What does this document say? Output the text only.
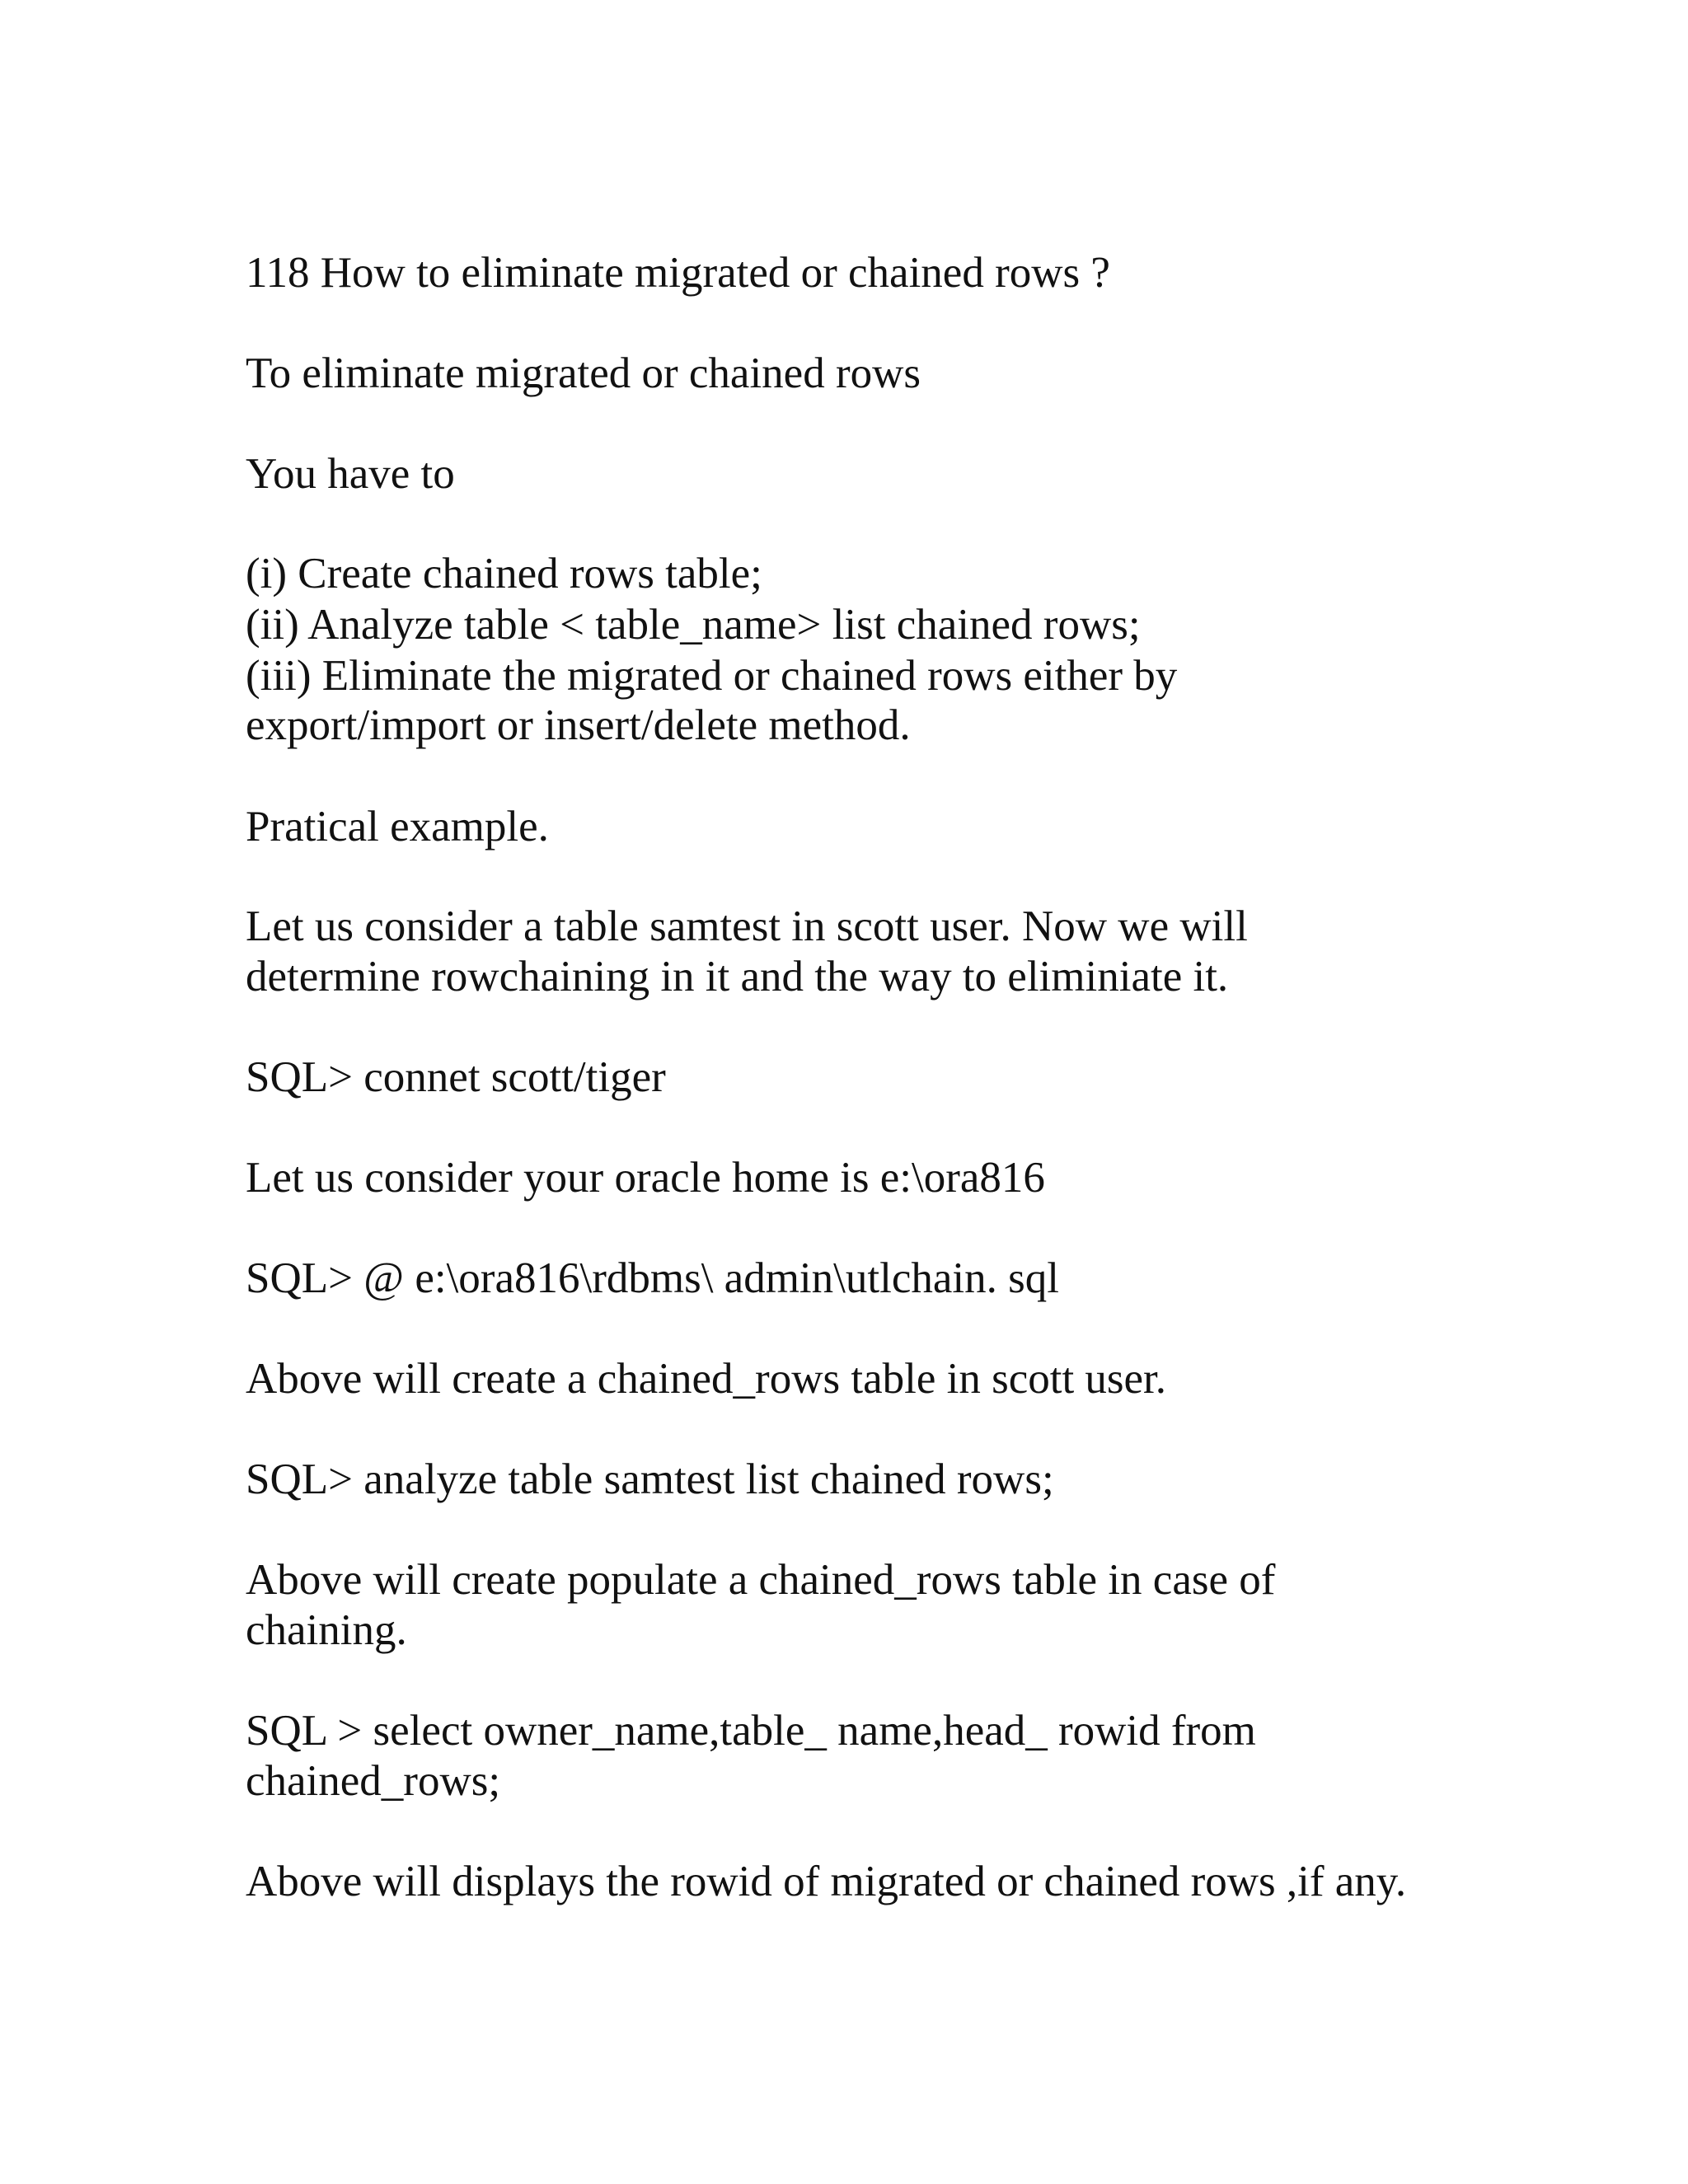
118 How to eliminate migrated or chained rows ?

To eliminate migrated or chained rows

You have to

(i) Create chained rows table;

(ii) Analyze table < table_name> list chained rows;

(iii) Eliminate the migrated or chained rows either by

export/import or insert/delete method.

Pratical example.

Let us consider a table samtest in scott user. Now we will

determine rowchaining in it and the way to eliminiate it.

SQL> connet scott/tiger

Let us consider your oracle home is e:\ora816

SQL> @ e:\ora816\rdbms\ admin\utlchain. sql

Above will create a chained_rows table in scott user.

SQL> analyze table samtest list chained rows;

Above will create populate a chained_rows table in case of

chaining.

SQL > select owner_name,table_ name,head_ rowid from

chained_rows;

Above will displays the rowid of migrated or chained rows ,if any.
